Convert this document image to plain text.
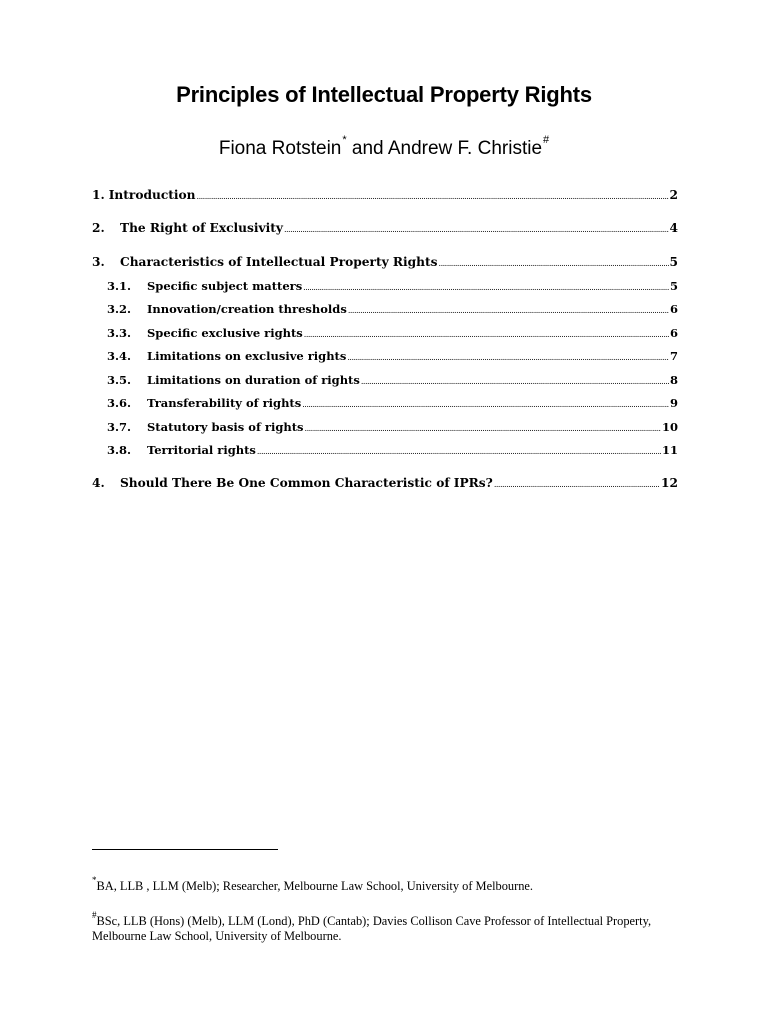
Principles of Intellectual Property Rights
Fiona Rotstein* and Andrew F. Christie#
1. Introduction .....	2
2.	The Right of Exclusivity .....	4
3.	Characteristics of Intellectual Property Rights .....	5
3.1.	Specific subject matters .....	5
3.2.	Innovation/creation thresholds .....	6
3.3.	Specific exclusive rights .....	6
3.4.	Limitations on exclusive rights .....	7
3.5.	Limitations on duration of rights .....	8
3.6.	Transferability of rights .....	9
3.7.	Statutory basis of rights .....	10
3.8.	Territorial rights .....	11
4.	Should There Be One Common Characteristic of IPRs? .....	12
*BA, LLB , LLM (Melb); Researcher, Melbourne Law School, University of Melbourne.
#BSc, LLB (Hons) (Melb), LLM (Lond), PhD (Cantab); Davies Collison Cave Professor of Intellectual Property, Melbourne Law School, University of Melbourne.
